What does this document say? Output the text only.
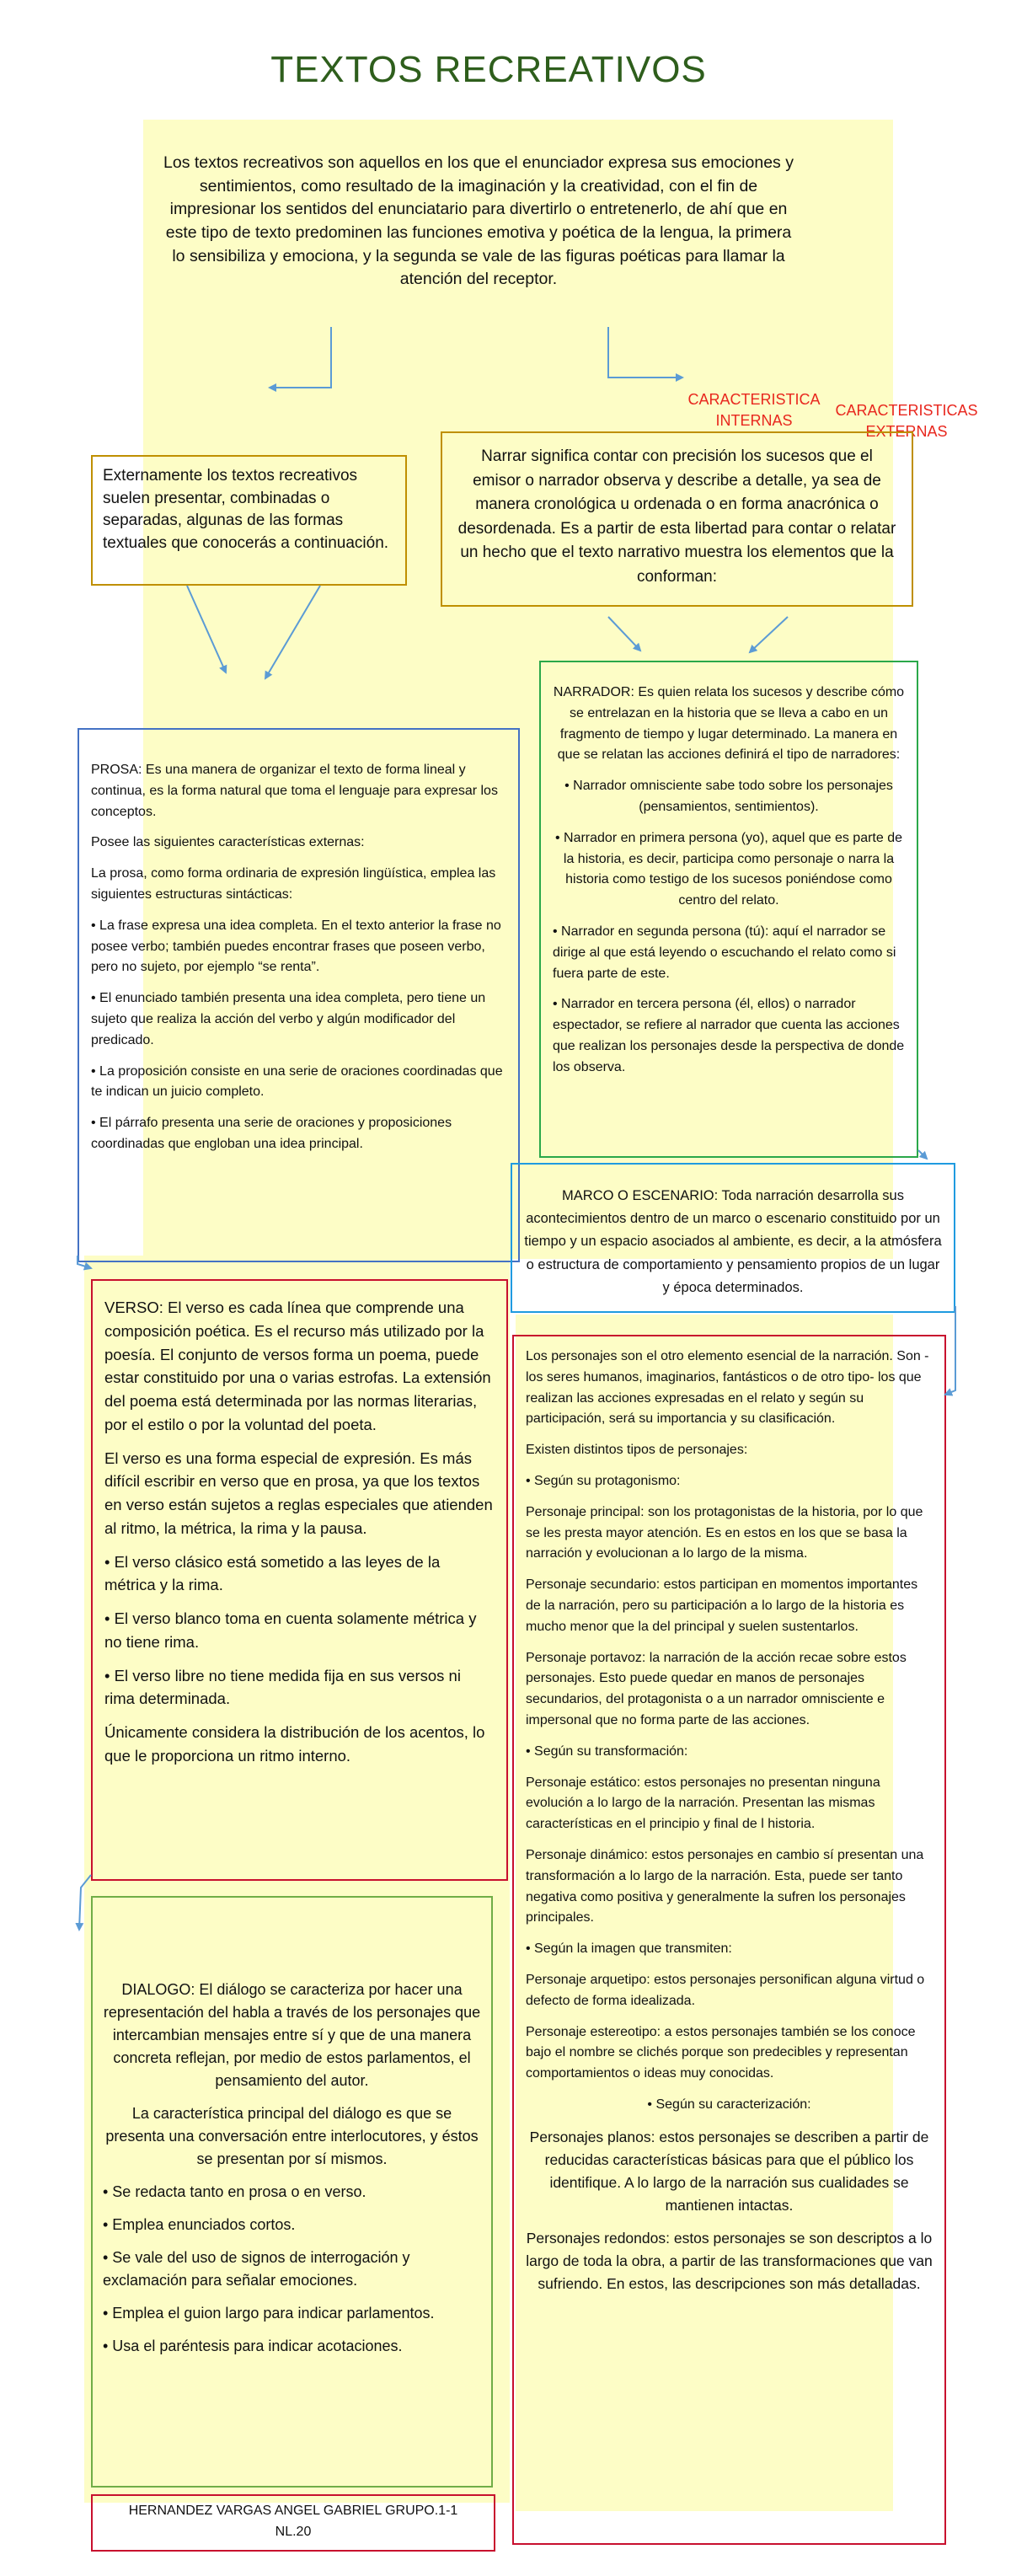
TEXTOS RECREATIVOS

Los textos recreativos son aquellos en los que el enunciador expresa sus emociones y sentimientos, como resultado de la imaginación y la creatividad, con el fin de impresionar los sentidos del enunciatario para divertirlo o entretenerlo, de ahí que en este tipo de texto predominen las funciones emotiva y poética de la lengua, la primera lo sensibiliza y emociona, y la segunda se vale de las figuras poéticas para llamar la atención del receptor.

CARACTERISTICA INTERNAS
CARACTERISTICAS EXTERNAS

Externamente los textos recreativos suelen presentar, combinadas o separadas, algunas de las formas textuales que conocerás a continuación.

Narrar significa contar con precisión los sucesos que el emisor o narrador observa y describe a detalle, ya sea de manera cronológica u ordenada o en forma anacrónica o desordenada. Es a partir de esta libertad para contar o relatar un hecho que el texto narrativo muestra los elementos que la conforman:

PROSA: Es una manera de organizar el texto de forma lineal y continua, es la forma natural que toma el lenguaje para expresar los conceptos.

Posee las siguientes características externas:

La prosa, como forma ordinaria de expresión lingüística, emplea las siguientes estructuras sintácticas:

• La frase expresa una idea completa. En el texto anterior la frase no posee verbo; también puedes encontrar frases que poseen verbo, pero no sujeto, por ejemplo “se renta”.
• El enunciado también presenta una idea completa, pero tiene un sujeto que realiza la acción del verbo y algún modificador del predicado.
• La proposición consiste en una serie de oraciones coordinadas que te indican un juicio completo.
• El párrafo presenta una serie de oraciones y proposiciones coordinadas que engloban una idea principal.

NARRADOR: Es quien relata los sucesos y describe cómo se entrelazan en la historia que se lleva a cabo en un fragmento de tiempo y lugar determinado. La manera en que se relatan las acciones definirá el tipo de narradores:

• Narrador omnisciente sabe todo sobre los personajes (pensamientos, sentimientos).
• Narrador en primera persona (yo), aquel que es parte de la historia, es decir, participa como personaje o narra la historia como testigo de los sucesos poniéndose como centro del relato.
• Narrador en segunda persona (tú): aquí el narrador se dirige al que está leyendo o escuchando el relato como si fuera parte de este.
• Narrador en tercera persona (él, ellos) o narrador espectador, se refiere al narrador que cuenta las acciones que realizan los personajes desde la perspectiva de donde los observa.

MARCO O ESCENARIO: Toda narración desarrolla sus acontecimientos dentro de un marco o escenario constituido por un tiempo y un espacio asociados al ambiente, es decir, a la atmósfera o estructura de comportamiento y pensamiento propios de un lugar y época determinados.

VERSO: El verso es cada línea que comprende una composición poética. Es el recurso más utilizado por la poesía. El conjunto de versos forma un poema, puede estar constituido por una o varias estrofas. La extensión del poema está determinada por las normas literarias, por el estilo o por la voluntad del poeta.

El verso es una forma especial de expresión. Es más difícil escribir en verso que en prosa, ya que los textos en verso están sujetos a reglas especiales que atienden al ritmo, la métrica, la rima y la pausa.

• El verso clásico está sometido a las leyes de la métrica y la rima.
• El verso blanco toma en cuenta solamente métrica y no tiene rima.
• El verso libre no tiene medida fija en sus versos ni rima determinada.

Únicamente considera la distribución de los acentos, lo que le proporciona un ritmo interno.

Los personajes son el otro elemento esencial de la narración. Son -los seres humanos, imaginarios, fantásticos o de otro tipo- los que realizan las acciones expresadas en el relato y según su participación, será su importancia y su clasificación.

Existen distintos tipos de personajes:

• Según su protagonismo:

Personaje principal: son los protagonistas de la historia, por lo que se les presta mayor atención. Es en estos en los que se basa la narración y evolucionan a lo largo de la misma.

Personaje secundario: estos participan en momentos importantes de la narración, pero su participación a lo largo de la historia es mucho menor que la del principal y suelen sustentarlos.

Personaje portavoz: la narración de la acción recae sobre estos personajes. Esto puede quedar en manos de personajes secundarios, del protagonista o a un narrador omnisciente e impersonal que no forma parte de las acciones.

• Según su transformación:

Personaje estático: estos personajes no presentan ninguna evolución a lo largo de la narración. Presentan las mismas características en el principio y final de l historia.

Personaje dinámico: estos personajes en cambio sí presentan una transformación a lo largo de la narración. Esta, puede ser tanto negativa como positiva y generalmente la sufren los personajes principales.

• Según la imagen que transmiten:

Personaje arquetipo: estos personajes personifican alguna virtud o defecto de forma idealizada.

Personaje estereotipo: a estos personajes también se los conoce bajo el nombre se clichés porque son predecibles y representan comportamientos o ideas muy conocidas.

• Según su caracterización:

Personajes planos: estos personajes se describen a partir de reducidas características básicas para que el público los identifique. A lo largo de la narración sus cualidades se mantienen intactas.

Personajes redondos: estos personajes se son descriptos a lo largo de toda la obra, a partir de las transformaciones que van sufriendo. En estos, las descripciones son más detalladas.

DIALOGO: El diálogo se caracteriza por hacer una representación del habla a través de los personajes que intercambian mensajes entre sí y que de una manera concreta reflejan, por medio de estos parlamentos, el pensamiento del autor.

La característica principal del diálogo es que se presenta una conversación entre interlocutores, y éstos se presentan por sí mismos.

• Se redacta tanto en prosa o en verso.
• Emplea enunciados cortos.
• Se vale del uso de signos de interrogación y exclamación para señalar emociones.
• Emplea el guion largo para indicar parlamentos.
• Usa el paréntesis para indicar acotaciones.
HERNANDEZ VARGAS ANGEL GABRIEL GRUPO.1-1
NL.20
